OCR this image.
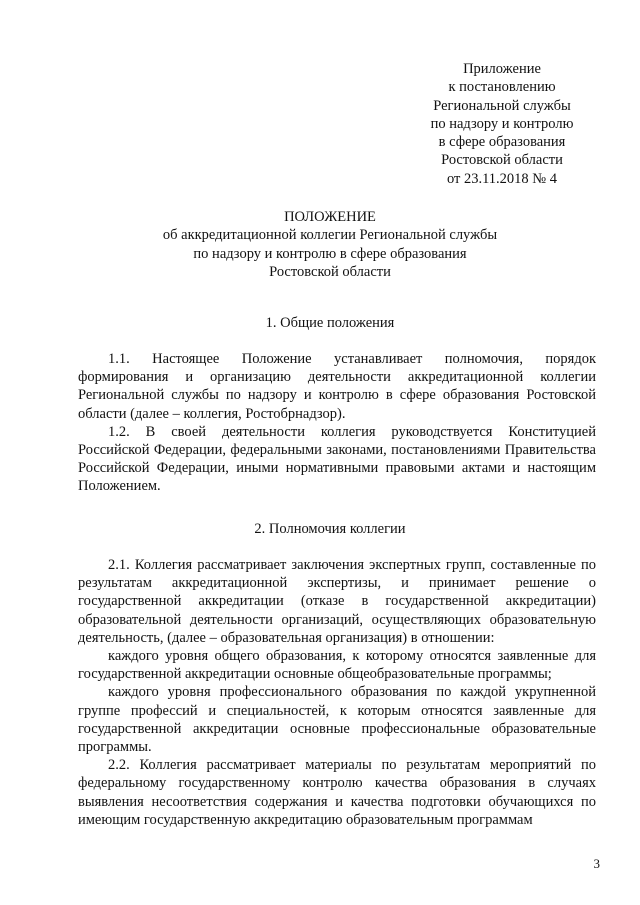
Приложение
к постановлению
Региональной службы
по надзору и контролю
в сфере образования
Ростовской области
от 23.11.2018 № 4
ПОЛОЖЕНИЕ
об аккредитационной коллегии Региональной службы
по надзору и контролю в сфере образования
Ростовской области
1. Общие положения

1.1. Настоящее Положение устанавливает полномочия, порядок формирования и организацию деятельности аккредитационной коллегии Региональной службы по надзору и контролю в сфере образования Ростовской области (далее – коллегия, Ростобрнадзор).

1.2. В своей деятельности коллегия руководствуется Конституцией Российской Федерации, федеральными законами, постановлениями Правительства Российской Федерации, иными нормативными правовыми актами и настоящим Положением.

2. Полномочия коллегии

2.1. Коллегия рассматривает заключения экспертных групп, составленные по результатам аккредитационной экспертизы, и принимает решение о государственной аккредитации (отказе в государственной аккредитации) образовательной деятельности организаций, осуществляющих образовательную деятельность, (далее – образовательная организация) в отношении:

каждого уровня общего образования, к которому относятся заявленные для государственной аккредитации основные общеобразовательные программы;

каждого уровня профессионального образования по каждой укрупненной группе профессий и специальностей, к которым относятся заявленные для государственной аккредитации основные профессиональные образовательные программы.

2.2. Коллегия рассматривает материалы по результатам мероприятий по федеральному государственному контролю качества образования в случаях выявления несоответствия содержания и качества подготовки обучающихся по имеющим государственную аккредитацию образовательным программам

3
